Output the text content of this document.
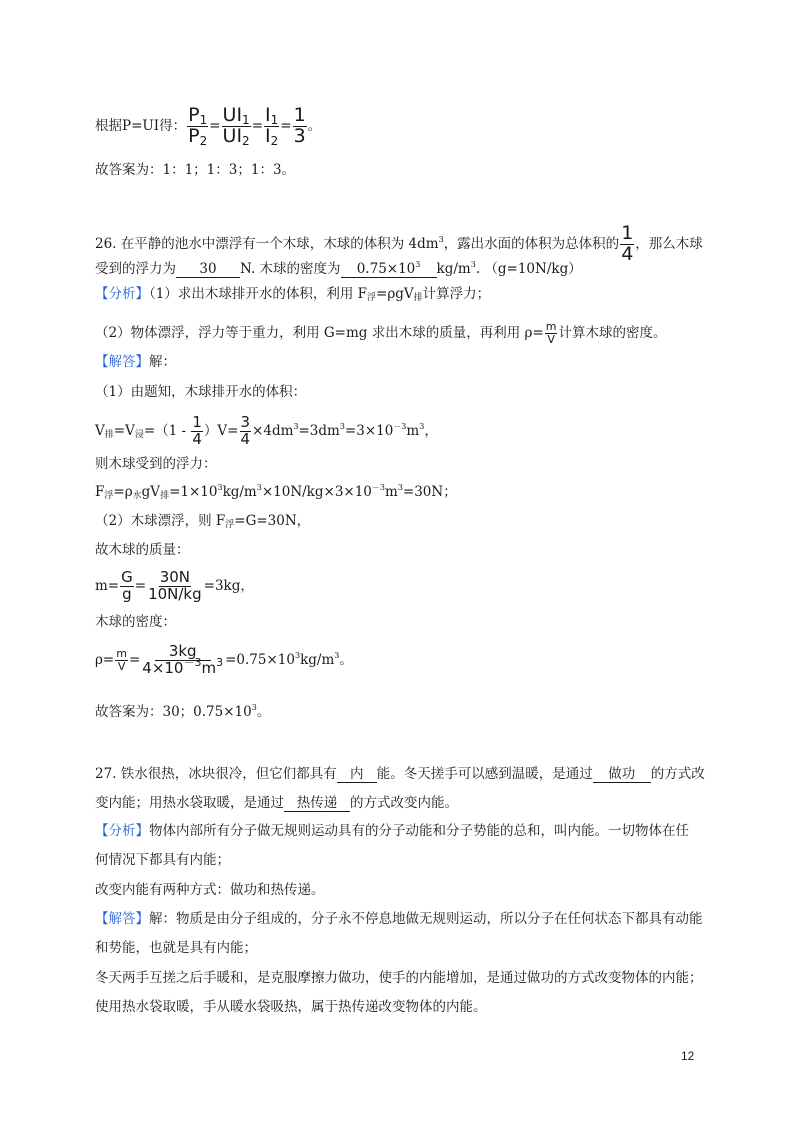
根据P=UI得： $\frac{P_1}{P_2} = \frac{UI_1}{UI_2} = \frac{I_1}{I_2} = \frac{1}{3}$ 。
故答案为：1：1；1：3；1：3。
26. 在平静的池水中漂浮有一个木球，木球的体积为 $4dm^3$，露出水面的体积为总体积的 $\frac{1}{4}$ ，那么木球
受到的浮力为 30 N. 木球的密度为 $0.75\times 10^3$ $kg/m^3$. （g=10N/kg）
【分析】（1）求出木球排开水的体积，利用 $F_浮=\rho gV_排$计算浮力；
（2）物体漂浮，浮力等于重力，利用 G=mg 求出木球的质量，再利用 $\rho= \frac{m}{V}$ 计算木球的密度。
【解答】解：
（1）由题知，木球排开水的体积：
$V_排=V_浸=(1 - \frac{1}{4} )V= \frac{3}{4} \times 4dm^3=3dm^3=3\times 10^{-3}m^3$，
则木球受到的浮力：
$F_浮=\rho_水gV_排=1\times 10^3kg/m^3\times 10N/kg\times 3\times 10^{-3}m^3=30N$；
（2）木球漂浮，则 $F_浮=G=30N$，
故木球的质量：
$m= \frac{G}{g} = \frac{30N}{10N/kg} =3kg$，
木球的密度：
$\rho= \frac{m}{V} = \frac{3kg}{4\times 10^{-3}m^3} =0.75\times 10^3kg/m^3$。
故答案为：30；$0.75\times 10^3$。
27. 铁水很热，冰块很冷，但它们都具有 内 能。冬天搓手可以感到温暖，是通过 做功 的方式改
变内能；用热水袋取暖，是通过 热传递 的方式改变内能。
【分析】物体内部所有分子做无规则运动具有的分子动能和分子势能的总和，叫内能。一切物体在任
何情况下都具有内能；
改变内能有两种方式：做功和热传递。
【解答】解：物质是由分子组成的，分子永不停息地做无规则运动，所以分子在任何状态下都具有动能
和势能，也就是具有内能；
冬天两手互搓之后手暖和，是克服摩擦力做功，使手的内能增加，是通过做功的方式改变物体的内能；
使用热水袋取暖，手从暖水袋吸热，属于热传递改变物体的内能。
12
